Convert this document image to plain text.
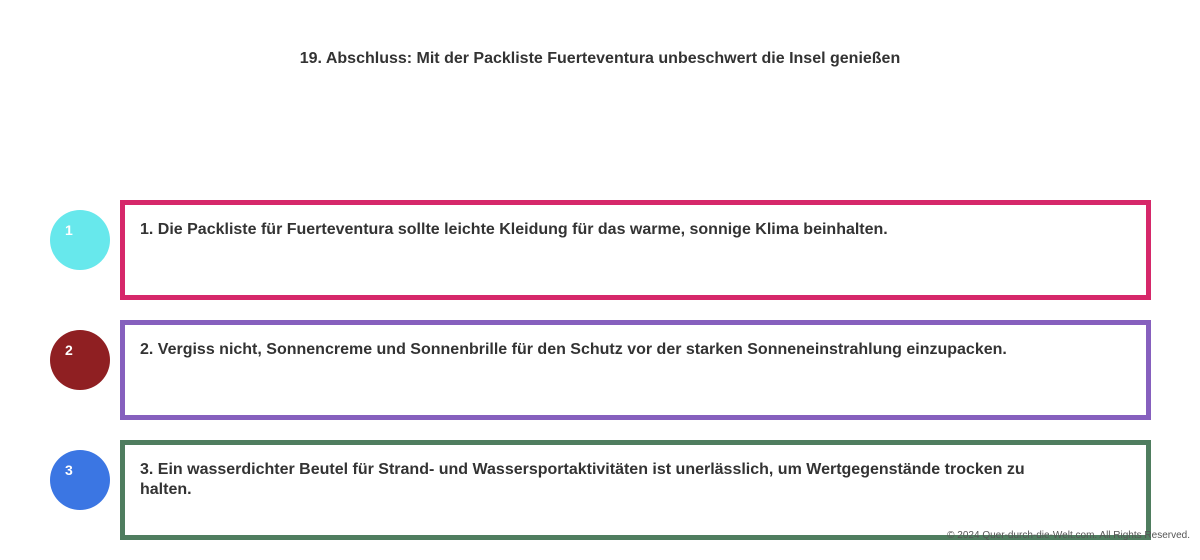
19. Abschluss: Mit der Packliste Fuerteventura unbeschwert die Insel genießen
1	1. Die Packliste für Fuerteventura sollte leichte Kleidung für das warme, sonnige Klima beinhalten.
2	2. Vergiss nicht, Sonnencreme und Sonnenbrille für den Schutz vor der starken Sonneneinstrahlung einzupacken.
3	3. Ein wasserdichter Beutel für Strand- und Wassersportaktivitäten ist unerlässlich, um Wertgegenstände trocken zu halten.
© 2024 Quer-durch-die-Welt.com. All Rights Reserved.
